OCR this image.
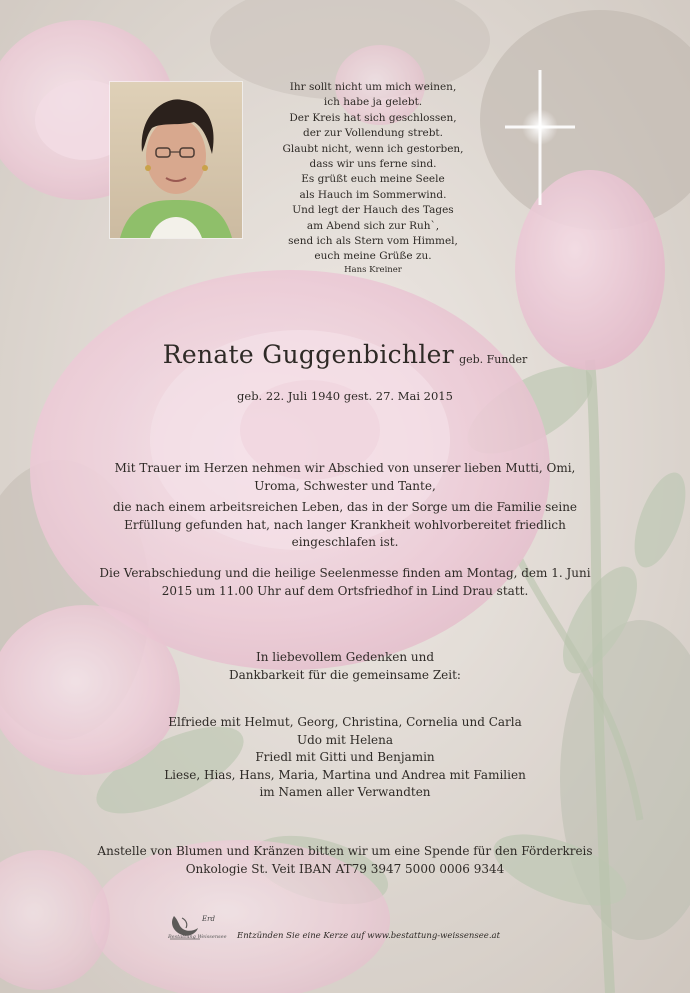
Ihr sollt nicht um mich weinen,
ich habe ja gelebt.
Der Kreis hat sich geschlossen,
der zur Vollendung strebt.
Glaubt nicht, wenn ich gestorben,
dass wir uns ferne sind.
Es grüßt euch meine Seele
als Hauch im Sommerwind.
Und legt der Hauch des Tages
am Abend sich zur Ruh`,
send ich als Stern vom Himmel,
euch meine Grüße zu.
Hans Kreiner
Renate Guggenbichler geb. Funder
geb. 22. Juli 1940 gest. 27. Mai 2015
Mit Trauer im Herzen nehmen wir Abschied von unserer lieben Mutti, Omi,
Uroma, Schwester und Tante,
die nach einem arbeitsreichen Leben, das in der Sorge um die Familie seine
Erfüllung gefunden hat, nach langer Krankheit wohlvorbereitet friedlich
eingeschlafen ist.
Die Verabschiedung und die heilige Seelenmesse finden am Montag, dem 1. Juni
2015 um 11.00 Uhr auf dem Ortsfriedhof in Lind Drau statt.
In liebevollem Gedenken und
Dankbarkeit für die gemeinsame Zeit:
Elfriede mit Helmut, Georg, Christina, Cornelia und Carla
Udo mit Helena
Friedl mit Gitti und Benjamin
Liese, Hias, Hans, Maria, Martina und Andrea mit Familien
im Namen aller Verwandten
Anstelle von Blumen und Kränzen bitten wir um eine Spende für den Förderkreis
Onkologie St. Veit IBAN AT79 3947 5000 0006 9344
Erd
Bestattung Weissensee Entzünden Sie eine Kerze auf www.bestattung-weissensee.at
